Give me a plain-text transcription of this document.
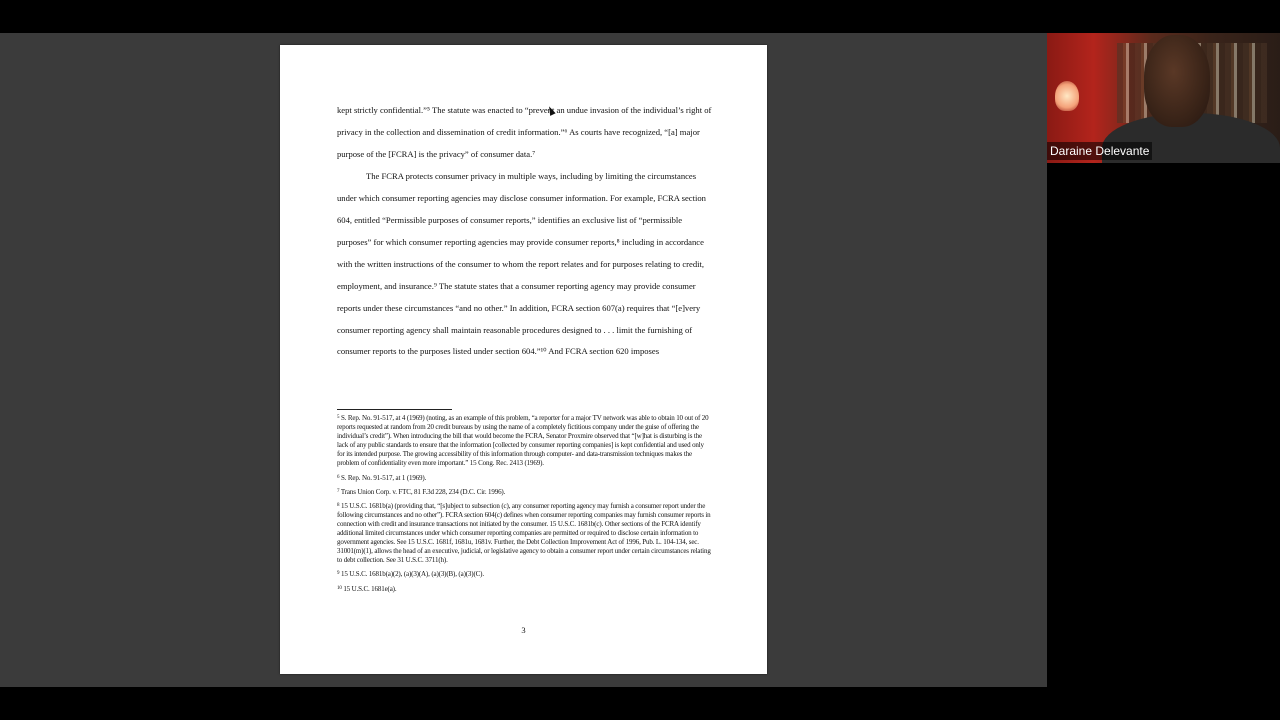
kept strictly confidential.”⁵ The statute was enacted to “prevent an undue invasion of the individual’s right of privacy in the collection and dissemination of credit information.”⁶ As courts have recognized, “[a] major purpose of the [FCRA] is the privacy” of consumer data.⁷

The FCRA protects consumer privacy in multiple ways, including by limiting the circumstances under which consumer reporting agencies may disclose consumer information. For example, FCRA section 604, entitled “Permissible purposes of consumer reports,” identifies an exclusive list of “permissible purposes” for which consumer reporting agencies may provide consumer reports,⁸ including in accordance with the written instructions of the consumer to whom the report relates and for purposes relating to credit, employment, and insurance.⁹ The statute states that a consumer reporting agency may provide consumer reports under these circumstances “and no other.” In addition, FCRA section 607(a) requires that “[e]very consumer reporting agency shall maintain reasonable procedures designed to . . . limit the furnishing of consumer reports to the purposes listed under section 604.”¹⁰ And FCRA section 620 imposes

$^5$ S. Rep. No. 91-517, at 4 (1969) (noting, as an example of this problem, “a reporter for a major TV network was able to obtain 10 out of 20 reports requested at random from 20 credit bureaus by using the name of a completely fictitious company under the guise of offering the individual’s credit”). When introducing the bill that would become the FCRA, Senator Proxmire observed that “[w]hat is disturbing is the lack of any public standards to ensure that the information [collected by consumer reporting companies] is kept confidential and used only for its intended purpose. The growing accessibility of this information through computer- and data-transmission techniques makes the problem of confidentiality even more important.” 15 Cong. Rec. 2413 (1969).

$^6$ S. Rep. No. 91-517, at 1 (1969).

$^7$ Trans Union Corp. v. FTC, 81 F.3d 228, 234 (D.C. Cir. 1996).

$^8$ 15 U.S.C. 1681b(a) (providing that, “[s]ubject to subsection (c), any consumer reporting agency may furnish a consumer report under the following circumstances and no other”). FCRA section 604(c) defines when consumer reporting companies may furnish consumer reports in connection with credit and insurance transactions not initiated by the consumer. 15 U.S.C. 1681b(c). Other sections of the FCRA identify additional limited circumstances under which consumer reporting companies are permitted or required to disclose certain information to government agencies. See 15 U.S.C. 1681f, 1681u, 1681v. Further, the Debt Collection Improvement Act of 1996, Pub. L. 104-134, sec. 31001(m)(1), allows the head of an executive, judicial, or legislative agency to obtain a consumer report under certain circumstances relating to debt collection. See 31 U.S.C. 3711(h).

$^9$ 15 U.S.C. 1681b(a)(2), (a)(3)(A), (a)(3)(B), (a)(3)(C).

$^{10}$ 15 U.S.C. 1681e(a).

3
Daraine Delevante
